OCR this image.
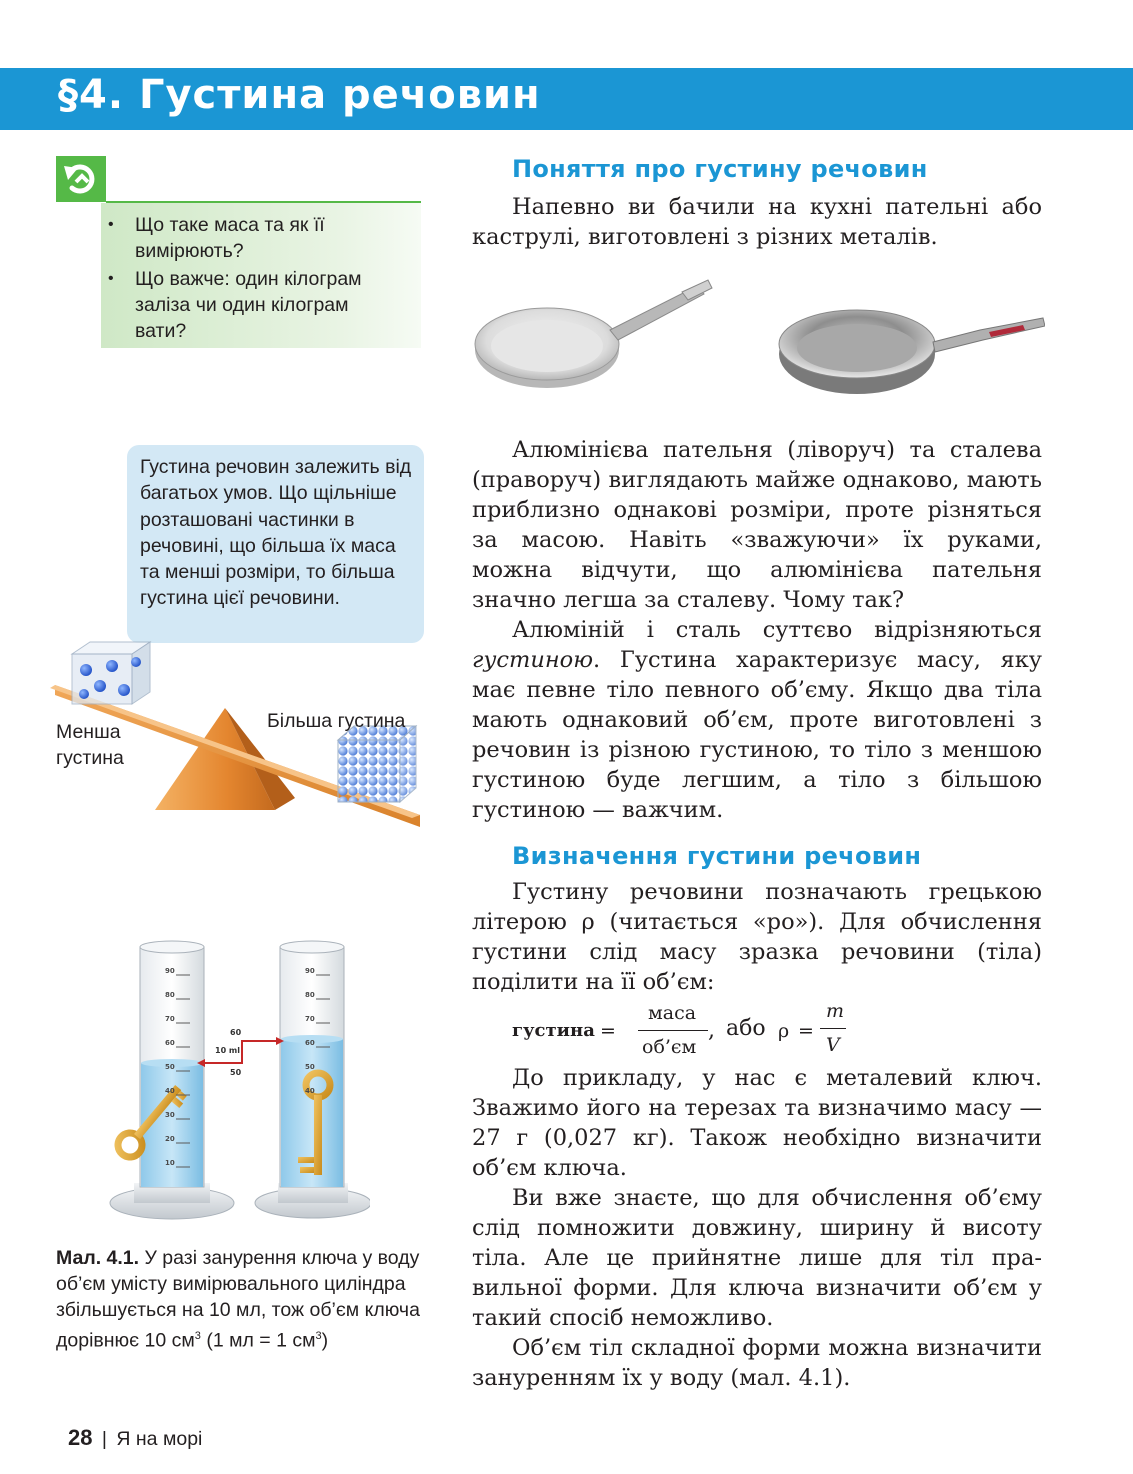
§4. Густина речовин
• Що таке маса та як її вимірюють?
• Що важче: один кілограм заліза чи один кілограм вати?
Густина речовин залежить від багатьох умов. Що щільніше розташовані частинки в речовині, що більша їх маса та менші розміри, то більша густина цієї речовини.
Менша густина
Більша густина
90
80
70
60
50
40
30
20
10
90
80
70
60
50
40
60
10 ml
50
Мал. 4.1. У разі занурення ключа у воду об’єм умісту вимірювального циліндра збільшується на 10 мл, тож об’єм ключа дорівнює 10 $см^3$ (1 мл = 1 $см^3$)
28 | Я на морі
Поняття про густину речовин

Напевно ви бачили на кухні пательні або каструлі, виготовлені з різних металів.

Алюмінієва пательня (ліворуч) та сталева (праворуч) виглядають майже однаково, мають приблизно однакові розміри, проте різняться за масою. Навіть «зважуючи» їх руками, можна відчути, що алюмінієва пательня значно легша за сталеву. Чому так?

Алюміній і сталь суттєво відрізняються густиною. Густина характеризує масу, яку має певне тіло певного об’єму. Якщо два тіла мають однаковий об’єм, проте виготовлені з речовин із різною густиною, то тіло з меншою густиною буде легшим, а тіло з більшою густиною — важчим.

Визначення густини речовин

Густину речовини позначають грецькою літерою ρ (читається «ро»). Для обчислення густини слід масу зразка речовини (тіла) поділити на її об’єм:

густина =
маса
об’єм
, або ρ =
m
V

До прикладу, у нас є металевий ключ. Зважимо його на терезах та визначимо масу — 27 г (0,027 кг). Також необхідно визначити об’єм ключа.

Ви вже знаєте, що для обчислення об’єму слід помножити довжину, ширину й висоту тіла. Але це прийнятне лише для тіл правильної форми. Для ключа визначити об’єм у такий спосіб неможливо.

Об’єм тіл складної форми можна визначити зануренням їх у воду (мал. 4.1).
